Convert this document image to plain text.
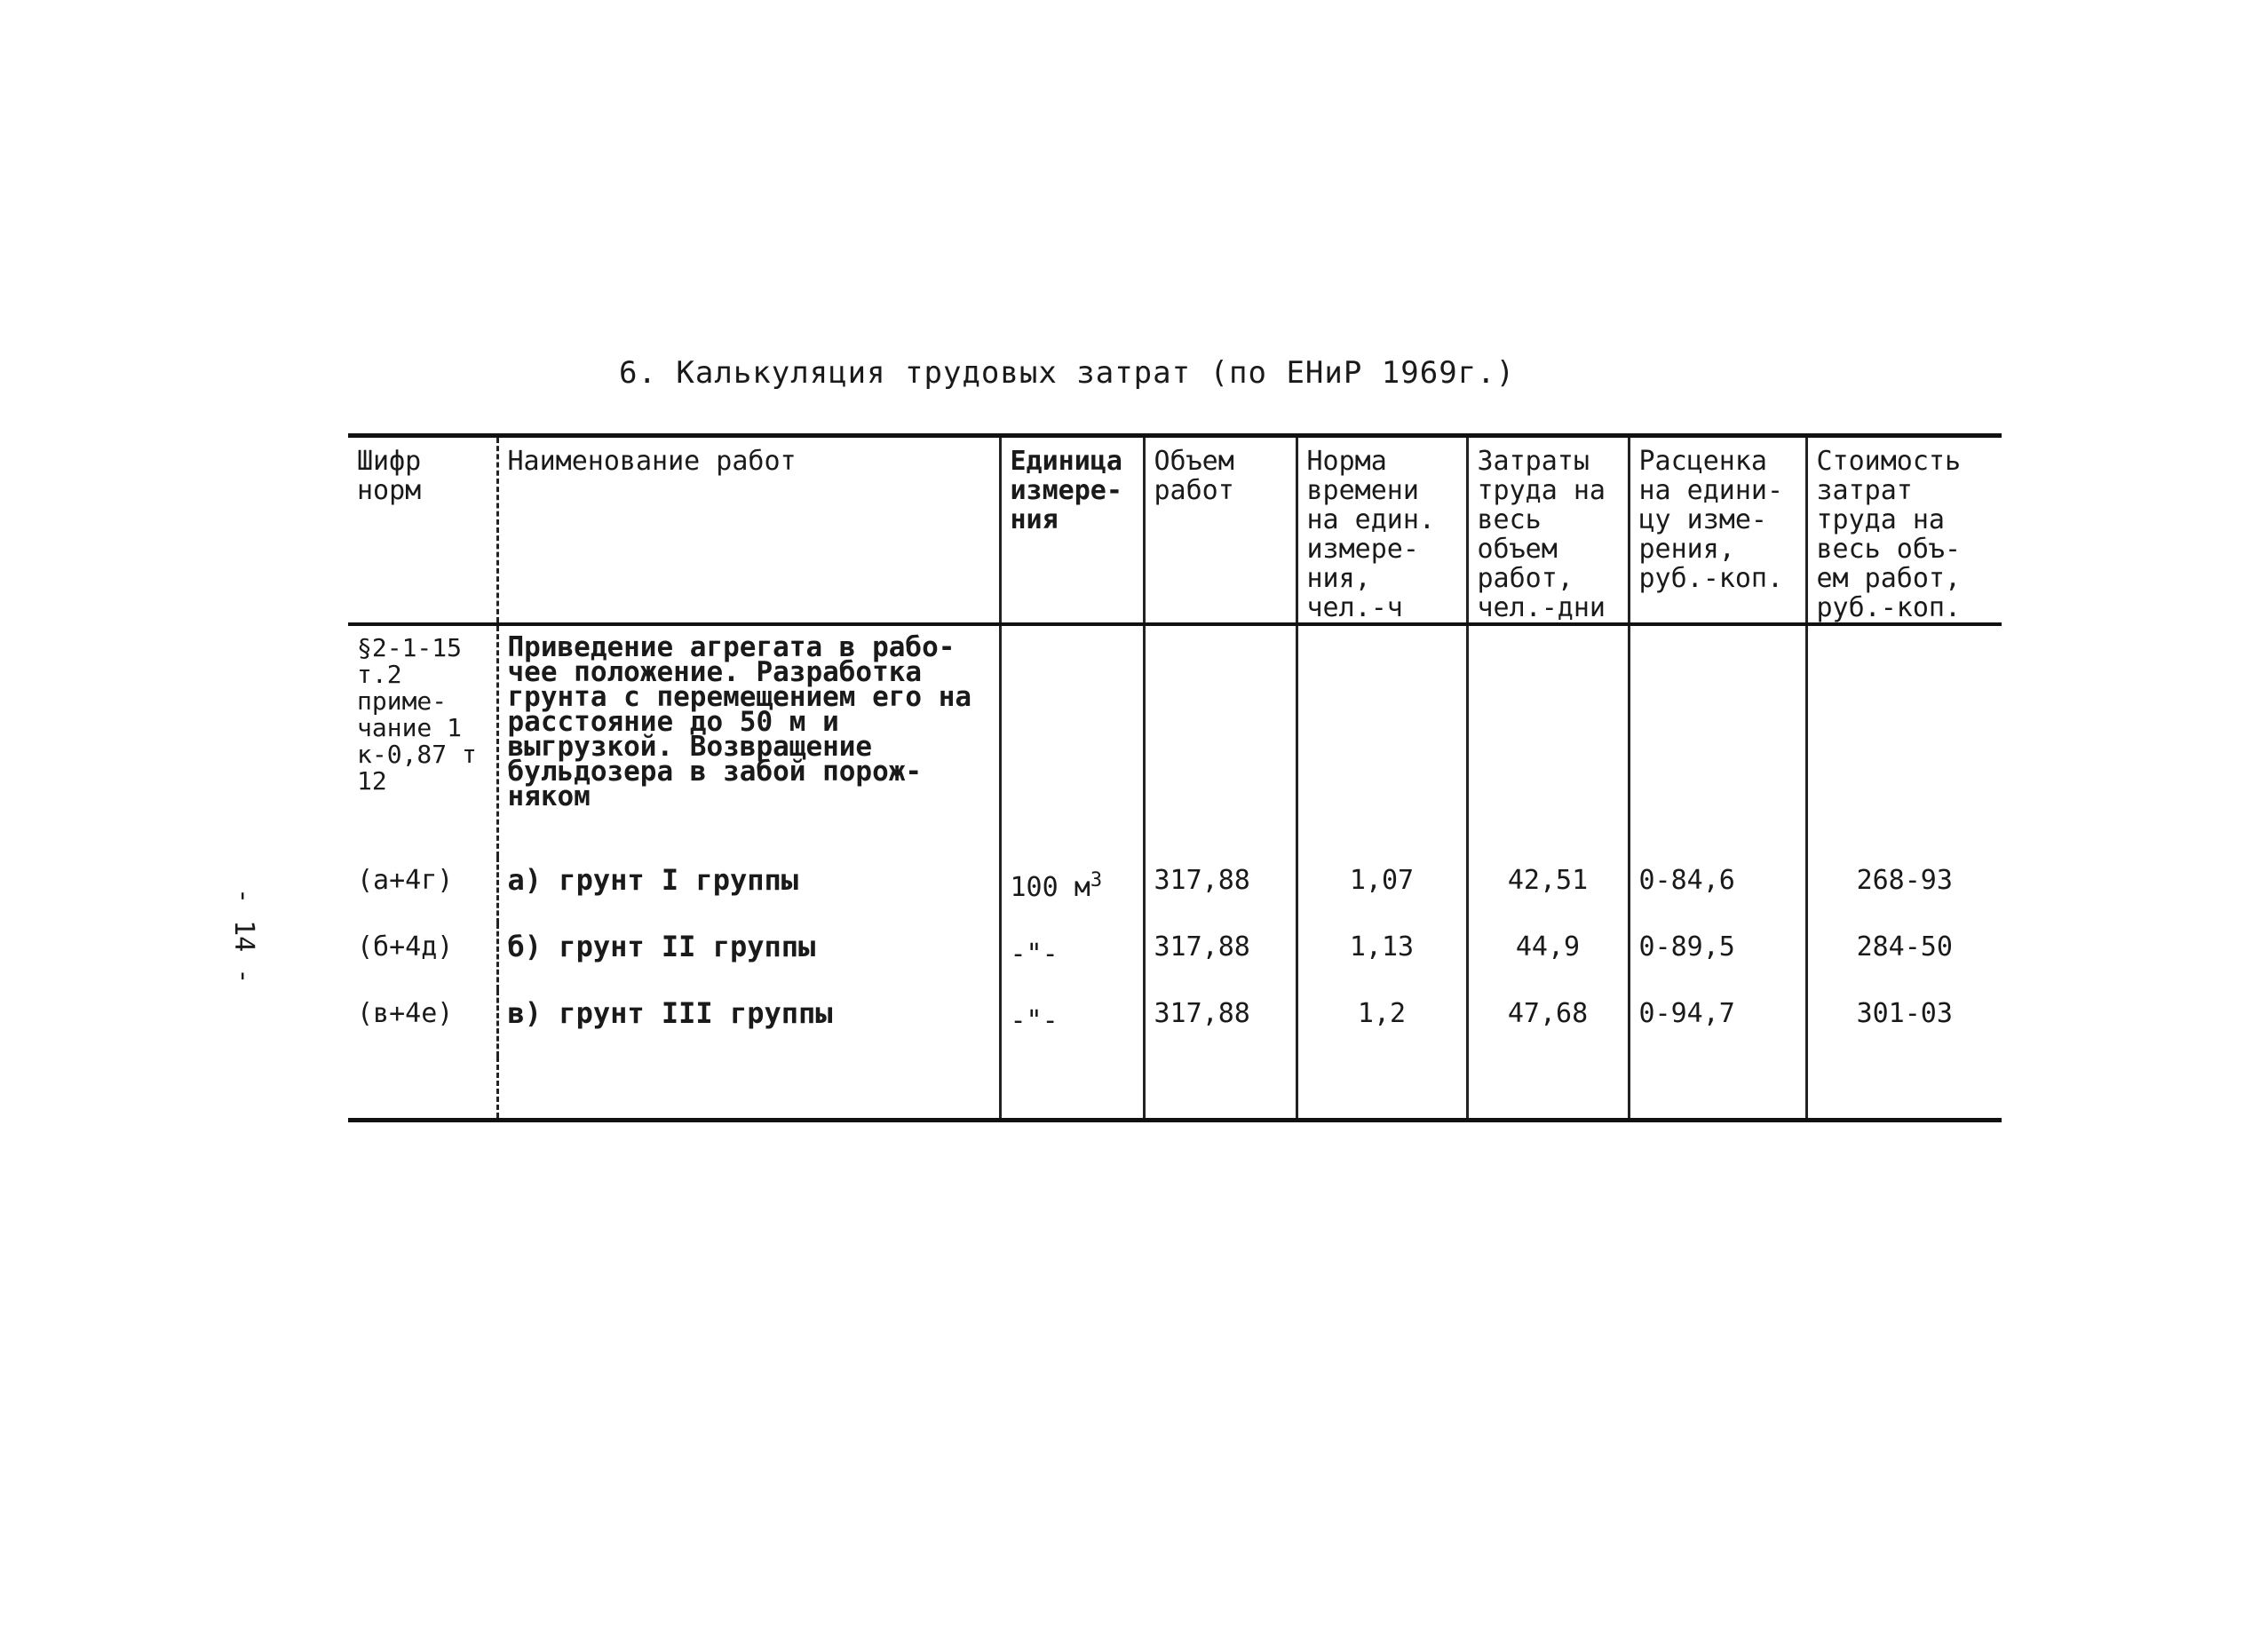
6. Калькуляция трудовых затрат (по ЕНиР 1969г.)
- 14 -
Шифр норм	Наименование работ	Единица измере-ния	Объем работ	Норма времени на един. измере-ния, чел.-ч	Затраты труда на весь объем работ, чел.-дни	Расценка на едини-цу изме-рения, руб.-коп.	Стоимость затрат труда на весь объ-ем работ, руб.-коп.
§2-1-15 т.2 приме-чание 1 к-0,87 т 12	Приведение агрегата в рабо-чее положение. Разработка грунта с перемещением его на расстояние до 50 м и выгрузкой. Возвращение бульдозера в забой порож-няком						
(а+4г)	а) грунт I группы	100 $м^3$	317,88	1,07	42,51	0-84,6	268-93
(б+4д)	б) грунт II группы	-"-	317,88	1,13	44,9	0-89,5	284-50
(в+4е)	в) грунт III группы	-"-	317,88	1,2	47,68	0-94,7	301-03
